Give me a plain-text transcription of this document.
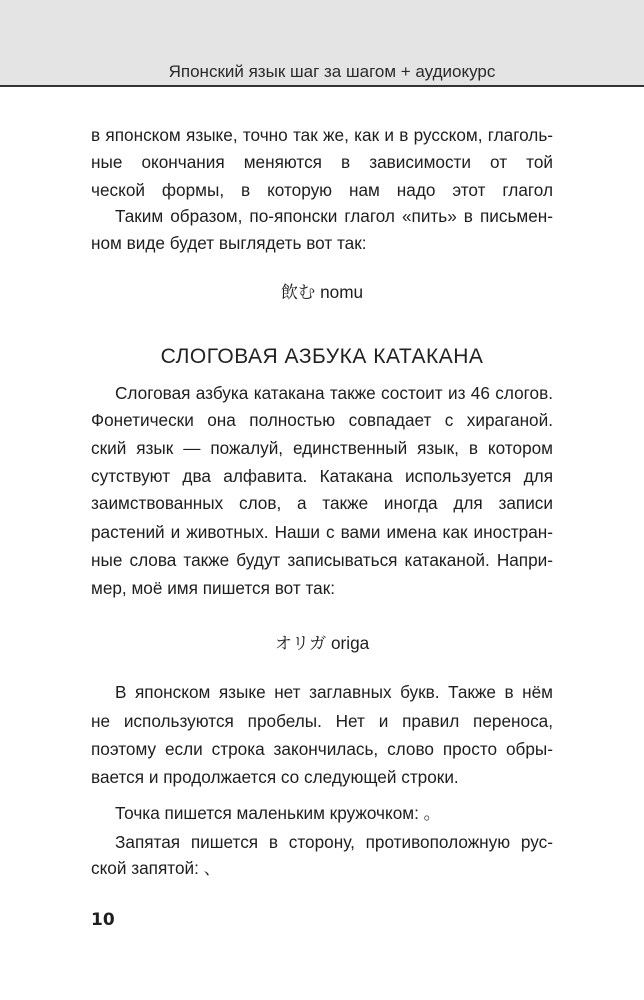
Японский язык шаг за шагом + аудиокурс
в японском языке, точно так же, как и в русском, глаголь-
ные окончания меняются в зависимости от той
ческой формы, в которую нам надо этот глагол
Таким образом, по-японски глагол «пить» в письмен-
ном виде будет выглядеть вот так:
飲む nomu
СЛОГОВАЯ АЗБУКА КАТАКАНА
Слоговая азбука катакана также состоит из 46 слогов.
Фонетически она полностью совпадает с хираганой.
ский язык — пожалуй, единственный язык, в котором
сутствуют два алфавита. Катакана используется для
заимствованных слов, а также иногда для записи
растений и животных. Наши с вами имена как иностран-
ные слова также будут записываться катаканой. Напри-
мер, моё имя пишется вот так:
オリガ origa
В японском языке нет заглавных букв. Также в нём
не используются пробелы. Нет и правил переноса,
поэтому если строка закончилась, слово просто обры-
вается и продолжается со следующей строки.
Точка пишется маленьким кружочком: 。
Запятая пишется в сторону, противоположную рус-
ской запятой: 、
10
